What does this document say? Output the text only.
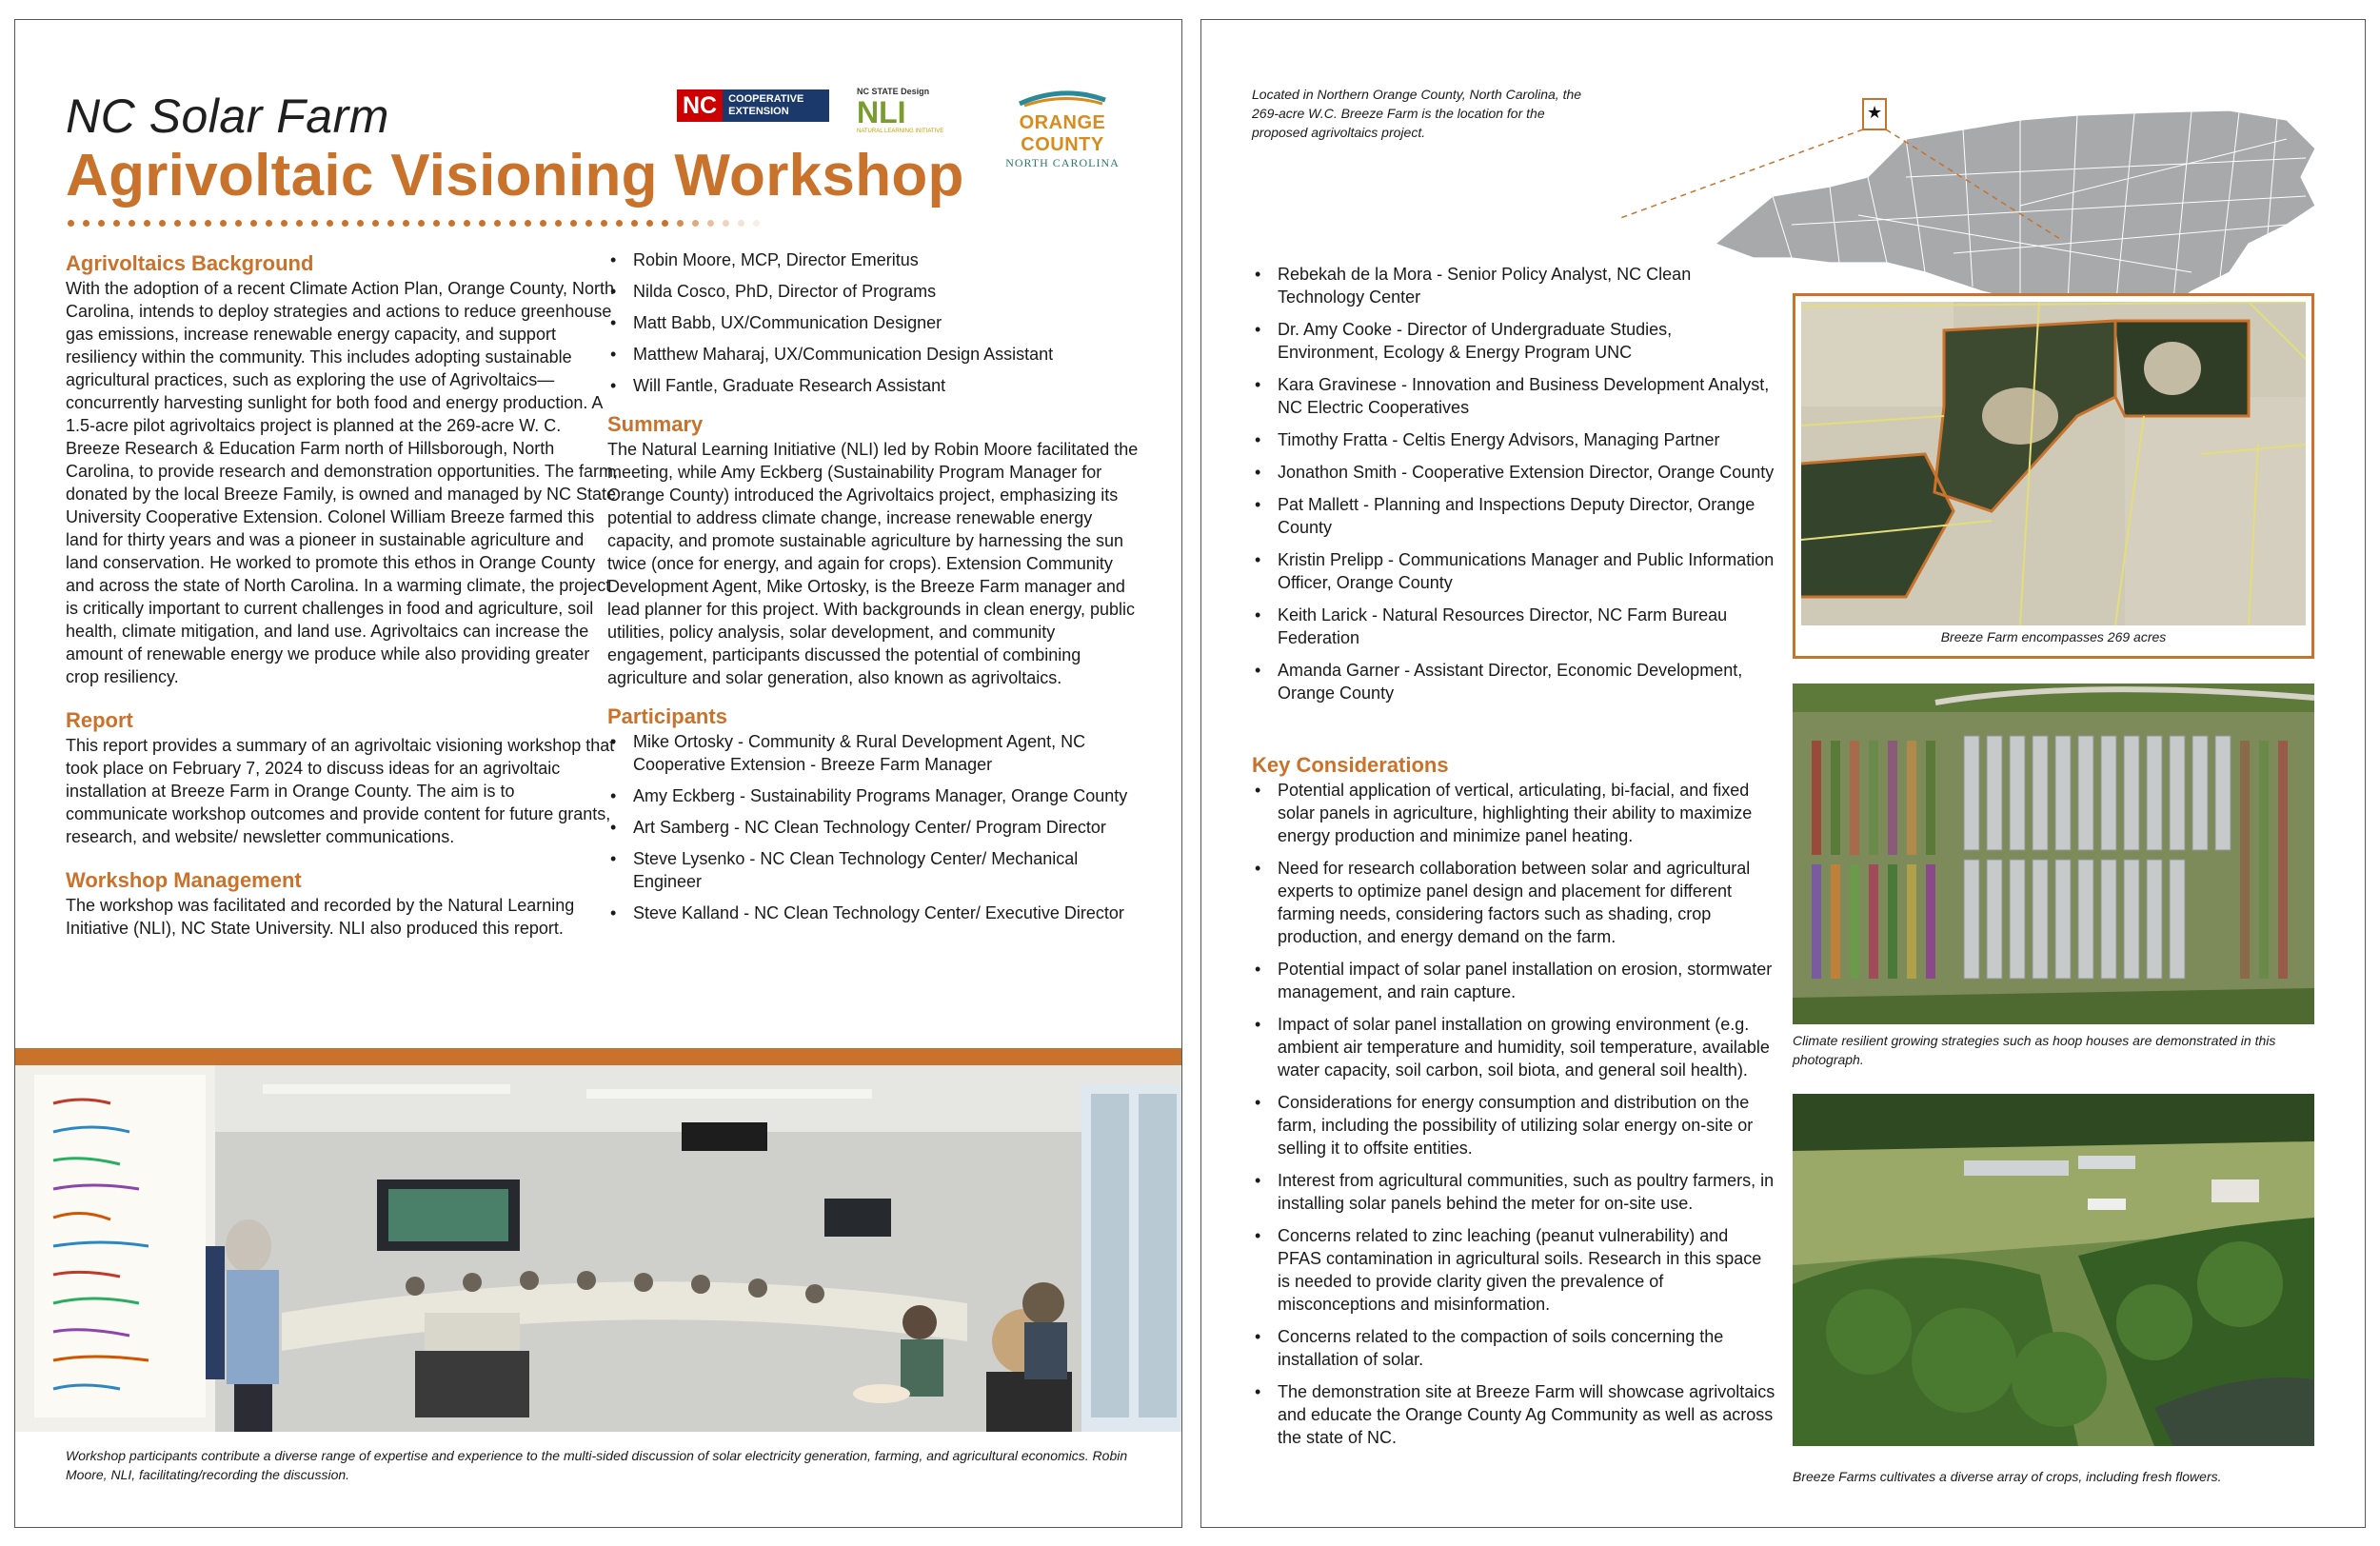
NC Solar Farm
Agrivoltaic Visioning Workshop
NC	COOPERATIVE
EXTENSION
NC STATE Design
NLI
NATURAL LEARNING INITIATIVE	ORANGE COUNTY
NORTH CAROLINA
Agrivoltaics Background

With the adoption of a recent Climate Action Plan, Orange County, North Carolina, intends to deploy strategies and actions to reduce greenhouse gas emissions, increase renewable energy capacity, and support resiliency within the community. This includes adopting sustainable agricultural practices, such as exploring the use of Agrivoltaics—concurrently harvesting sunlight for both food and energy production. A 1.5-acre pilot agrivoltaics project is planned at the 269-acre W. C. Breeze Research & Education Farm north of Hillsborough, North Carolina, to provide research and demonstration opportunities. The farm, donated by the local Breeze Family, is owned and managed by NC State University Cooperative Extension. Colonel William Breeze farmed this land for thirty years and was a pioneer in sustainable agriculture and land conservation. He worked to promote this ethos in Orange County and across the state of North Carolina. In a warming climate, the project is critically important to current challenges in food and agriculture, soil health, climate mitigation, and land use. Agrivoltaics can increase the amount of renewable energy we produce while also providing greater crop resiliency.

Report

This report provides a summary of an agrivoltaic visioning workshop that took place on February 7, 2024 to discuss ideas for an agrivoltaic installation at Breeze Farm in Orange County. The aim is to communicate workshop outcomes and provide content for future grants, research, and website/ newsletter communications.

Workshop Management

The workshop was facilitated and recorded by the Natural Learning Initiative (NLI), NC State University. NLI also produced this report.

• Robin Moore, MCP, Director Emeritus
• Nilda Cosco, PhD, Director of Programs
• Matt Babb, UX/Communication Designer
• Matthew Maharaj, UX/Communication Design Assistant
• Will Fantle, Graduate Research Assistant
Summary

The Natural Learning Initiative (NLI) led by Robin Moore facilitated the meeting, while Amy Eckberg (Sustainability Program Manager for Orange County) introduced the Agrivoltaics project, emphasizing its potential to address climate change, increase renewable energy capacity, and promote sustainable agriculture by harnessing the sun twice (once for energy, and again for crops). Extension Community Development Agent, Mike Ortosky, is the Breeze Farm manager and lead planner for this project. With backgrounds in clean energy, public utilities, policy analysis, solar development, and community engagement, participants discussed the potential of combining agriculture and solar generation, also known as agrivoltaics.

Participants
• Mike Ortosky - Community & Rural Development Agent, NC Cooperative Extension - Breeze Farm Manager
• Amy Eckberg - Sustainability Programs Manager, Orange County
• Art Samberg - NC Clean Technology Center/ Program Director
• Steve Lysenko - NC Clean Technology Center/ Mechanical Engineer
• Steve Kalland - NC Clean Technology Center/ Executive Director
Workshop participants contribute a diverse range of expertise and experience to the multi-sided discussion of solar electricity generation, farming, and agricultural economics. Robin Moore, NLI, facilitating/recording the discussion.
Located in Northern Orange County, North Carolina, the 269-acre W.C. Breeze Farm is the location for the proposed agrivoltaics project.
★
Breeze Farm encompasses 269 acres
• Rebekah de la Mora - Senior Policy Analyst, NC Clean Technology Center
• Dr. Amy Cooke - Director of Undergraduate Studies, Environment, Ecology & Energy Program UNC
• Kara Gravinese - Innovation and Business Development Analyst, NC Electric Cooperatives
• Timothy Fratta - Celtis Energy Advisors, Managing Partner
• Jonathon Smith - Cooperative Extension Director, Orange County
• Pat Mallett - Planning and Inspections Deputy Director, Orange County
• Kristin Prelipp - Communications Manager and Public Information Officer, Orange County
• Keith Larick - Natural Resources Director, NC Farm Bureau Federation
• Amanda Garner - Assistant Director, Economic Development, Orange County
Key Considerations
• Potential application of vertical, articulating, bi-facial, and fixed solar panels in agriculture, highlighting their ability to maximize energy production and minimize panel heating.
• Need for research collaboration between solar and agricultural experts to optimize panel design and placement for different farming needs, considering factors such as shading, crop production, and energy demand on the farm.
• Potential impact of solar panel installation on erosion, stormwater management, and rain capture.
• Impact of solar panel installation on growing environment (e.g. ambient air temperature and humidity, soil temperature, available water capacity, soil carbon, soil biota, and general soil health).
• Considerations for energy consumption and distribution on the farm, including the possibility of utilizing solar energy on-site or selling it to offsite entities.
• Interest from agricultural communities, such as poultry farmers, in installing solar panels behind the meter for on-site use.
• Concerns related to zinc leaching (peanut vulnerability) and PFAS contamination in agricultural soils. Research in this space is needed to provide clarity given the prevalence of misconceptions and misinformation.
• Concerns related to the compaction of soils concerning the installation of solar.
• The demonstration site at Breeze Farm will showcase agrivoltaics and educate the Orange County Ag Community as well as across the state of NC.
Climate resilient growing strategies such as hoop houses are demonstrated in this photograph.
Breeze Farms cultivates a diverse array of crops, including fresh flowers.
